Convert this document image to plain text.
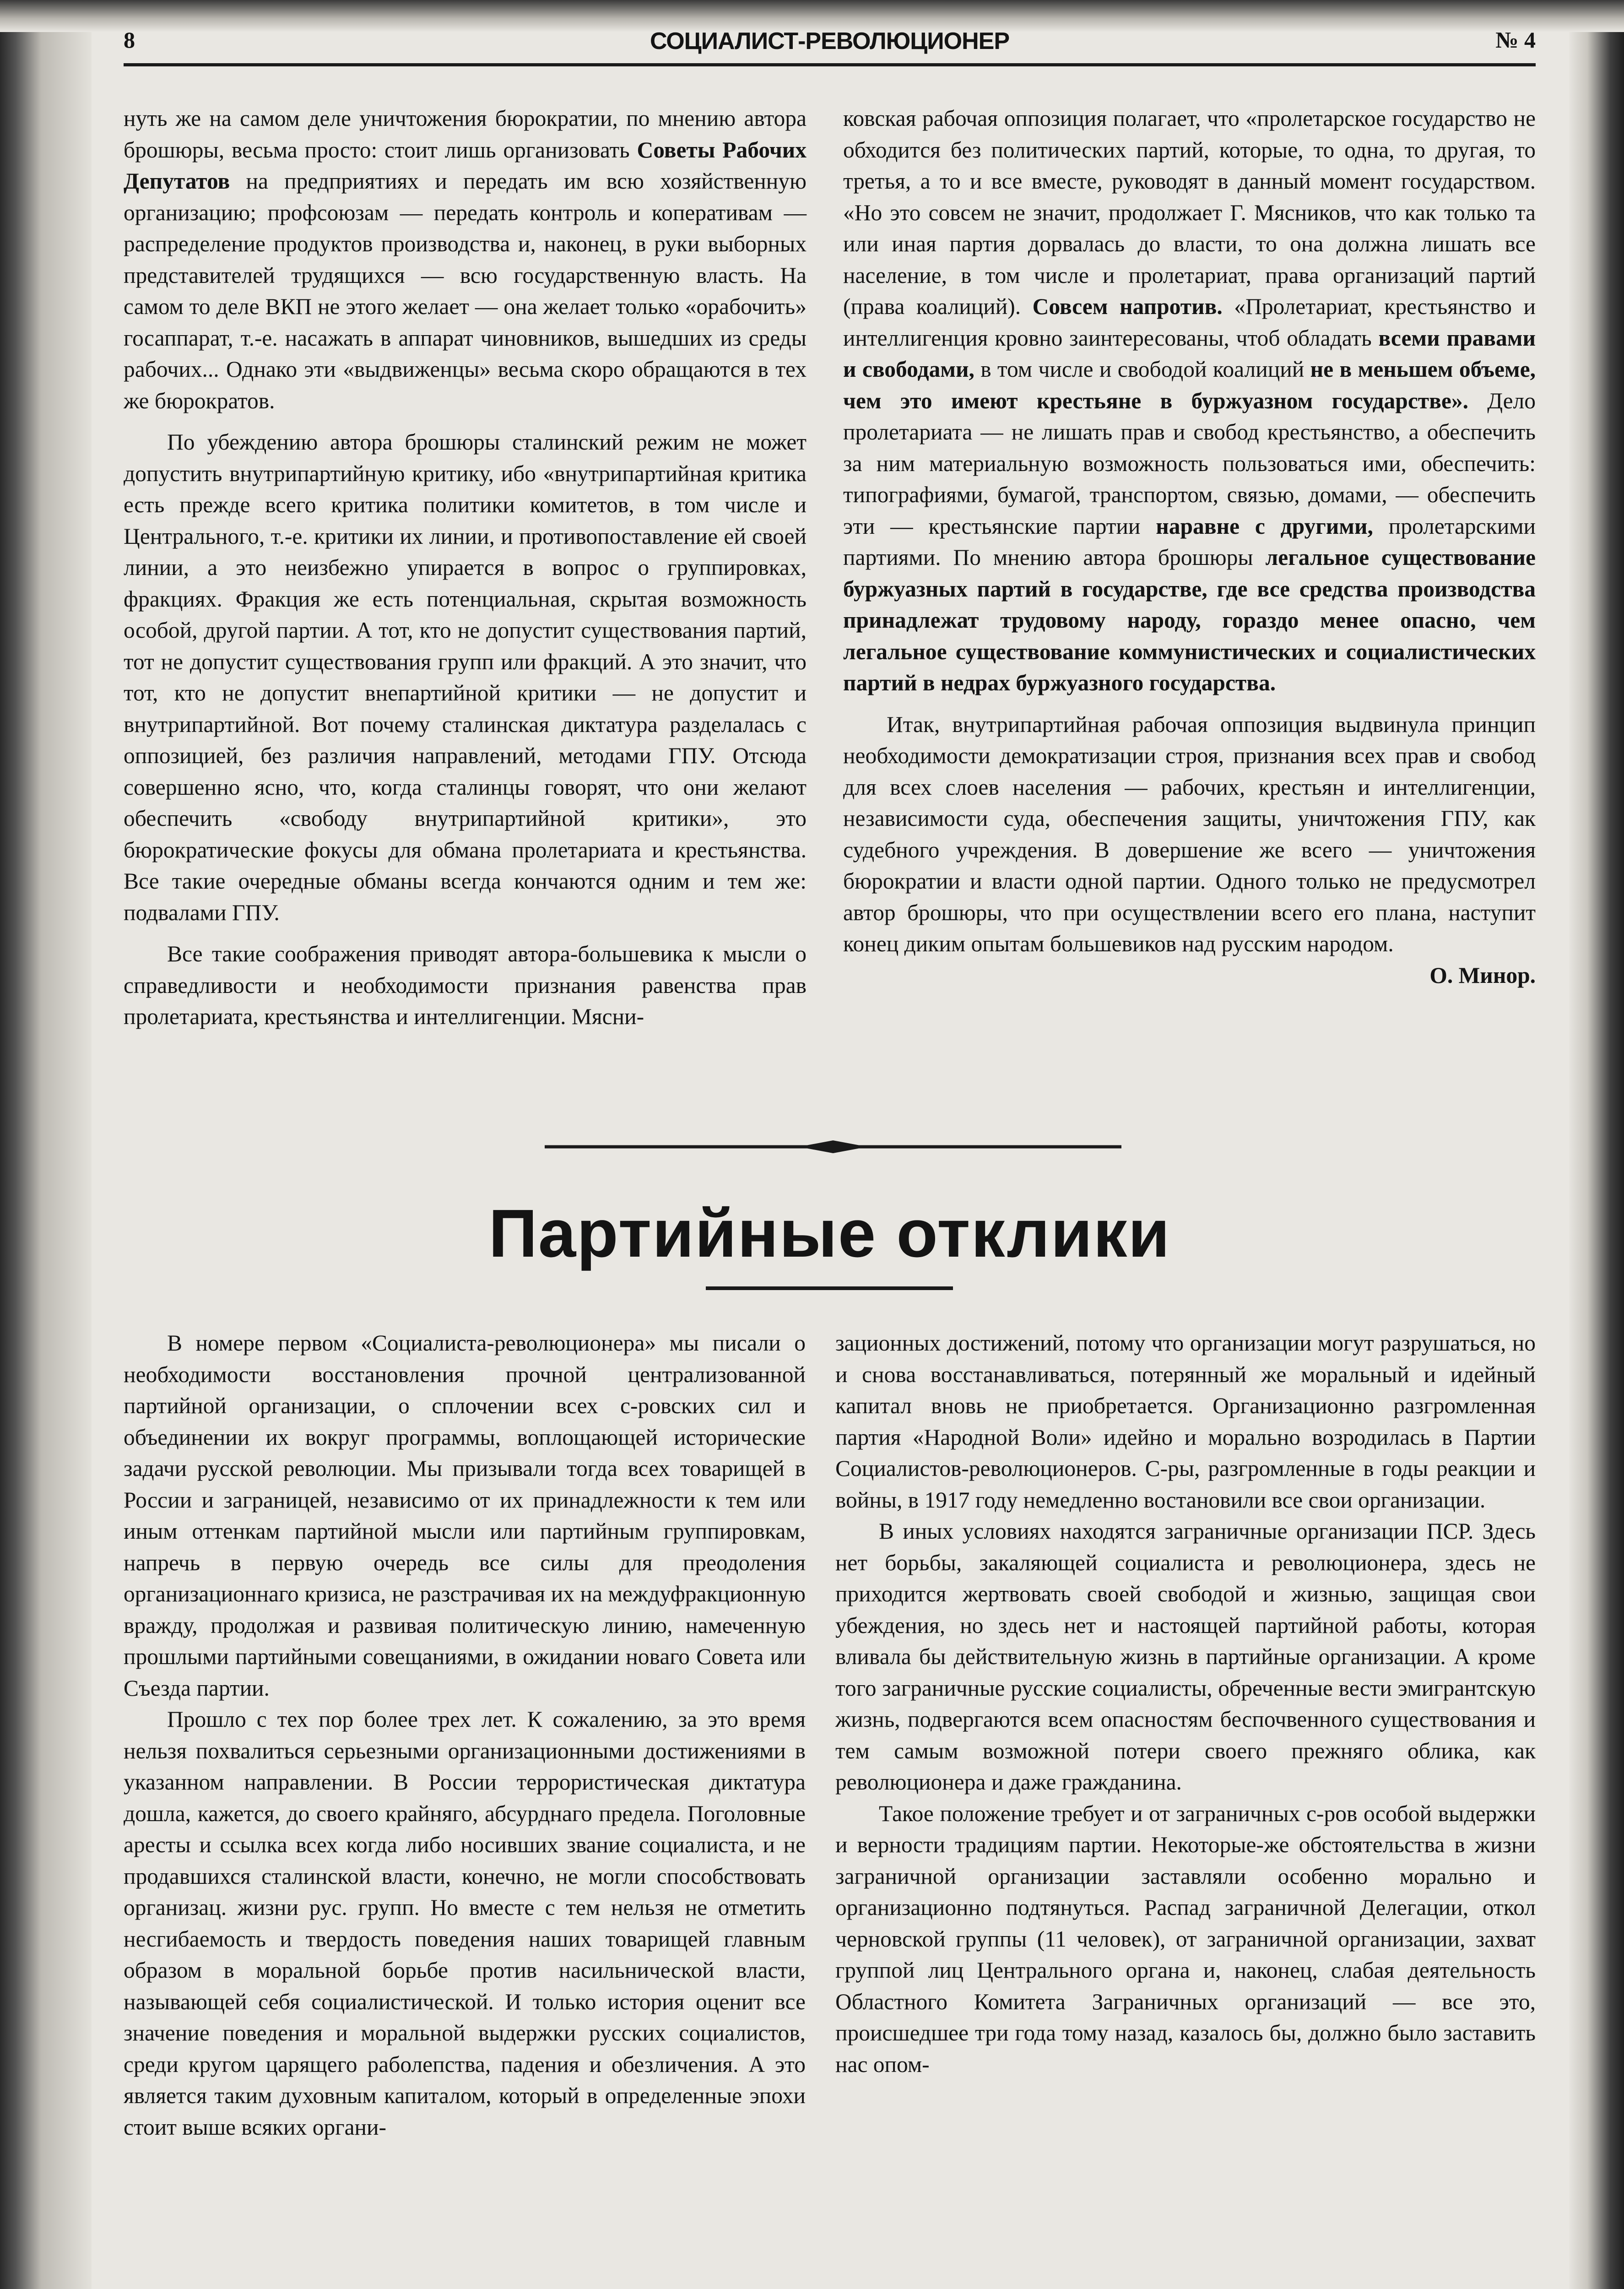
8	СОЦИАЛИСТ-РЕВОЛЮЦИОНЕР	№ 4

нуть же на самом деле уничтожения бюрократии, по мнению автора брошюры, весьма просто: стоит лишь организовать Советы Рабочих Депутатов на предприятиях и передать им всю хозяйственную организацию; профсоюзам — передать контроль и коперативам — распределение продуктов производства и, наконец, в руки выборных представителей трудящихся — всю государственную власть. На самом то деле ВКП не этого желает — она желает только «орабочить» госаппарат, т.-е. насажать в аппарат чиновников, вышедших из среды рабочих... Однако эти «выдвиженцы» весьма скоро обращаются в тех же бюрократов.

По убеждению автора брошюры сталинский режим не может допустить внутрипартийную критику, ибо «внутрипартийная критика есть прежде всего критика политики комитетов, в том числе и Центрального, т.-е. критики их линии, и противопоставление ей своей линии, а это неизбежно упирается в вопрос о группировках, фракциях. Фракция же есть потенциальная, скрытая возможность особой, другой партии. А тот, кто не допустит существования партий, тот не допустит существования групп или фракций. А это значит, что тот, кто не допустит внепартийной критики — не допустит и внутрипартийной. Вот почему сталинская диктатура разделалась с оппозицией, без различия направлений, методами ГПУ. Отсюда совершенно ясно, что, когда сталинцы говорят, что они желают обеспечить «свободу внутрипартийной критики», это бюрократические фокусы для обмана пролетариата и крестьянства. Все такие очередные обманы всегда кончаются одним и тем же: подвалами ГПУ.

Все такие соображения приводят автора-большевика к мысли о справедливости и необходимости признания равенства прав пролетариата, крестьянства и интеллигенции. Мясни-

ковская рабочая оппозиция полагает, что «пролетарское государство не обходится без политических партий, которые, то одна, то другая, то третья, а то и все вместе, руководят в данный момент государством. «Но это совсем не значит, продолжает Г. Мясников, что как только та или иная партия дорвалась до власти, то она должна лишать все население, в том числе и пролетариат, права организаций партий (права коалиций). Совсем напротив. «Пролетариат, крестьянство и интеллигенция кровно заинтересованы, чтоб обладать всеми правами и свободами, в том числе и свободой коалиций не в меньшем объеме, чем это имеют крестьяне в буржуазном государстве». Дело пролетариата — не лишать прав и свобод крестьянство, а обеспечить за ним материальную возможность пользоваться ими, обеспечить: типографиями, бумагой, транспортом, связью, домами, — обеспечить эти — крестьянские партии наравне с другими, пролетарскими партиями. По мнению автора брошюры легальное существование буржуазных партий в государстве, где все средства производства принадлежат трудовому народу, гораздо менее опасно, чем легальное существование коммунистических и социалистических партий в недрах буржуазного государства.

Итак, внутрипартийная рабочая оппозиция выдвинула принцип необходимости демократизации строя, признания всех прав и свобод для всех слоев населения — рабочих, крестьян и интеллигенции, независимости суда, обеспечения защиты, уничтожения ГПУ, как судебного учреждения. В довершение же всего — уничтожения бюрократии и власти одной партии. Одного только не предусмотрел автор брошюры, что при осуществлении всего его плана, наступит конец диким опытам большевиков над русским народом.

О. Минор.

Партийные отклики

В номере первом «Социалиста-революционера» мы писали о необходимости восстановления прочной централизованной партийной организации, о сплочении всех с-ровских сил и объединении их вокруг программы, воплощающей исторические задачи русской революции. Мы призывали тогда всех товарищей в России и заграницей, независимо от их принадлежности к тем или иным оттенкам партийной мысли или партийным группировкам, напречь в первую очередь все силы для преодоления организационнаго кризиса, не разстрачивая их на междуфракционную вражду, продолжая и развивая политическую линию, намеченную прошлыми партийными совещаниями, в ожидании новаго Совета или Съезда партии.

Прошло с тех пор более трех лет. К сожалению, за это время нельзя похвалиться серьезными организационными достижениями в указанном направлении. В России террористическая диктатура дошла, кажется, до своего крайняго, абсурднаго предела. Поголовные аресты и ссылка всех когда либо носивших звание социалиста, и не продавшихся сталинской власти, конечно, не могли способствовать организац. жизни рус. групп. Но вместе с тем нельзя не отметить несгибаемость и твердость поведения наших товарищей главным образом в моральной борьбе против насильнической власти, называющей себя социалистической. И только история оценит все значение поведения и моральной выдержки русских социалистов, среди кругом царящего раболепства, падения и обезличения. А это является таким духовным капиталом, который в определенные эпохи стоит выше всяких органи-

зационных достижений, потому что организации могут разрушаться, но и снова восстанавливаться, потерянный же моральный и идейный капитал вновь не приобретается. Организационно разгромленная партия «Народной Воли» идейно и морально возродилась в Партии Социалистов-революционеров. С-ры, разгромленные в годы реакции и войны, в 1917 году немедленно востановили все свои организации.

В иных условиях находятся заграничные организации ПСР. Здесь нет борьбы, закаляющей социалиста и революционера, здесь не приходится жертвовать своей свободой и жизнью, защищая свои убеждения, но здесь нет и настоящей партийной работы, которая вливала бы действительную жизнь в партийные организации. А кроме того заграничные русские социалисты, обреченные вести эмигрантскую жизнь, подвергаются всем опасностям беспочвенного существования и тем самым возможной потери своего прежняго облика, как революционера и даже гражданина.

Такое положение требует и от заграничных с-ров особой выдержки и верности традициям партии. Некоторые-же обстоятельства в жизни заграничной организации заставляли особенно морально и организационно подтянуться. Распад заграничной Делегации, откол черновской группы (11 человек), от заграничной организации, захват группой лиц Центрального органа и, наконец, слабая деятельность Областного Комитета Заграничных организаций — все это, происшедшее три года тому назад, казалось бы, должно было заставить нас опом-
